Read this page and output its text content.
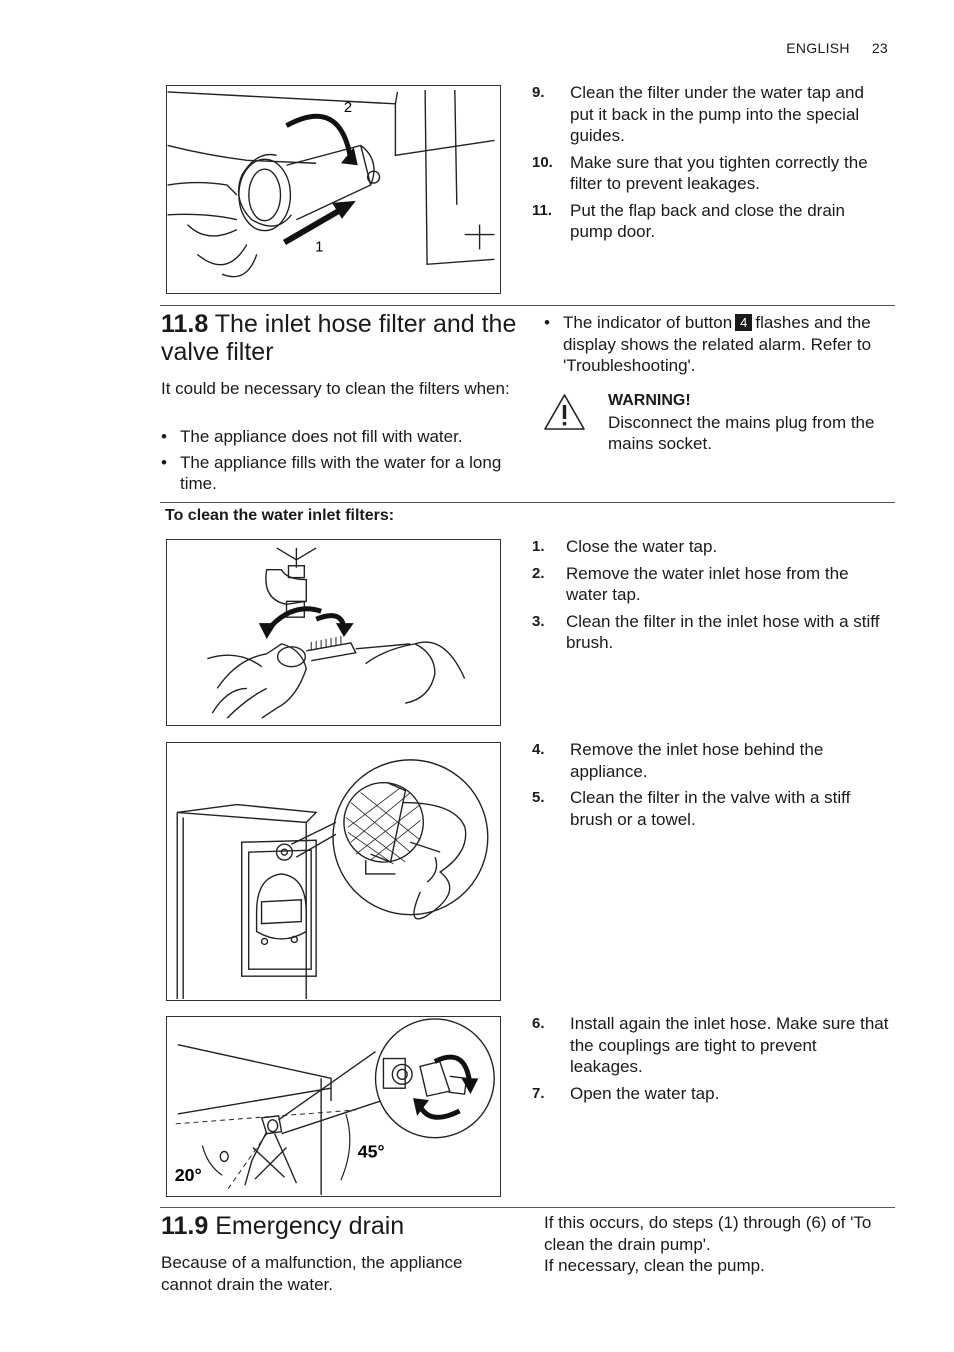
ENGLISH 23
2
1
9.	Clean the filter under the water tap and put it back in the pump into the special guides.
10.	Make sure that you tighten correctly the filter to prevent leakages.
11.	Put the flap back and close the drain pump door.
11.8 The inlet hose filter and the valve filter

It could be necessary to clean the filters when:

• The appliance does not fill with water.
• The appliance fills with the water for a long time.
• The indicator of button 4 flashes and the display shows the related alarm. Refer to 'Troubleshooting'.
WARNING!
Disconnect the mains plug from the mains socket.
To clean the water inlet filters:
1.	Close the water tap.
2.	Remove the water inlet hose from the water tap.
3.	Clean the filter in the inlet hose with a stiff brush.
4.	Remove the inlet hose behind the appliance.
5.	Clean the filter in the valve with a stiff brush or a towel.
20°
45°
6.	Install again the inlet hose. Make sure that the couplings are tight to prevent leakages.
7.	Open the water tap.
11.9 Emergency drain

Because of a malfunction, the appliance cannot drain the water.

If this occurs, do steps (1) through (6) of 'To clean the drain pump'.
If necessary, clean the pump.
